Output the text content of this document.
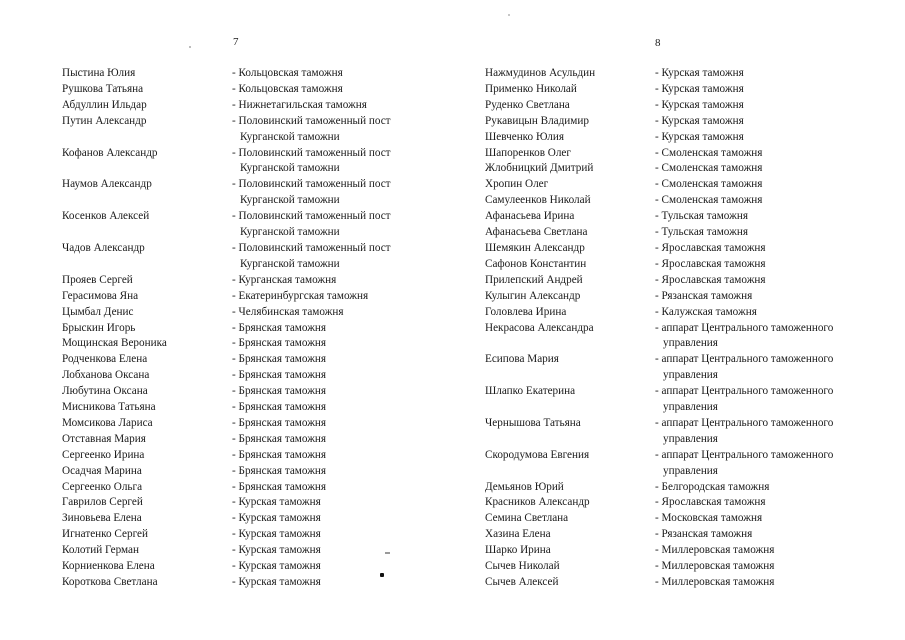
7	8
Пыстина Юлия	- Кольцовская таможня
Рушкова Татьяна	- Кольцовская таможня
Абдуллин Ильдар	- Нижнетагильская таможня
Путин Александр	- Половинский таможенный пост
Курганской таможни
Кофанов Александр	- Половинский таможенный пост
Курганской таможни
Наумов Александр	- Половинский таможенный пост
Курганской таможни
Косенков Алексей	- Половинский таможенный пост
Курганской таможни
Чадов Александр	- Половинский таможенный пост
Курганской таможни
Прояев Сергей	- Курганская таможня
Герасимова Яна	- Екатеринбургская таможня
Цымбал Денис	- Челябинская таможня
Брыскин Игорь	- Брянская таможня
Мощинская Вероника	- Брянская таможня
Родченкова Елена	- Брянская таможня
Лобханова Оксана	- Брянская таможня
Любутина Оксана	- Брянская таможня
Мисникова Татьяна	- Брянская таможня
Момсикова Лариса	- Брянская таможня
Отставная Мария	- Брянская таможня
Сергеенко Ирина	- Брянская таможня
Осадчая Марина	- Брянская таможня
Сергеенко Ольга	- Брянская таможня
Гаврилов Сергей	- Курская таможня
Зиновьева Елена	- Курская таможня
Игнатенко Сергей	- Курская таможня
Колотий Герман	- Курская таможня
Корниенкова Елена	- Курская таможня
Короткова Светлана	- Курская таможня
Нажмудинов Асульдин	- Курская таможня
Применко Николай	- Курская таможня
Руденко Светлана	- Курская таможня
Рукавицын Владимир	- Курская таможня
Шевченко Юлия	- Курская таможня
Шапоренков Олег	- Смоленская таможня
Жлобницкий Дмитрий	- Смоленская таможня
Хропин Олег	- Смоленская таможня
Самулеенков Николай	- Смоленская таможня
Афанасьева Ирина	- Тульская таможня
Афанасьева Светлана	- Тульская таможня
Шемякин Александр	- Ярославская таможня
Сафонов Константин	- Ярославская таможня
Прилепский Андрей	- Ярославская таможня
Кулыгин Александр	- Рязанская таможня
Головлева Ирина	- Калужская таможня
Некрасова Александра	- аппарат Центрального таможенного
управления
Есипова Мария	- аппарат Центрального таможенного
управления
Шлапко Екатерина	- аппарат Центрального таможенного
управления
Чернышова Татьяна	- аппарат Центрального таможенного
управления
Скородумова Евгения	- аппарат Центрального таможенного
управления
Демьянов Юрий	- Белгородская таможня
Красников Александр	- Ярославская таможня
Семина Светлана	- Московская таможня
Хазина Елена	- Рязанская таможня
Шарко Ирина	- Миллеровская таможня
Сычев Николай	- Миллеровская таможня
Сычев Алексей	- Миллеровская таможня
